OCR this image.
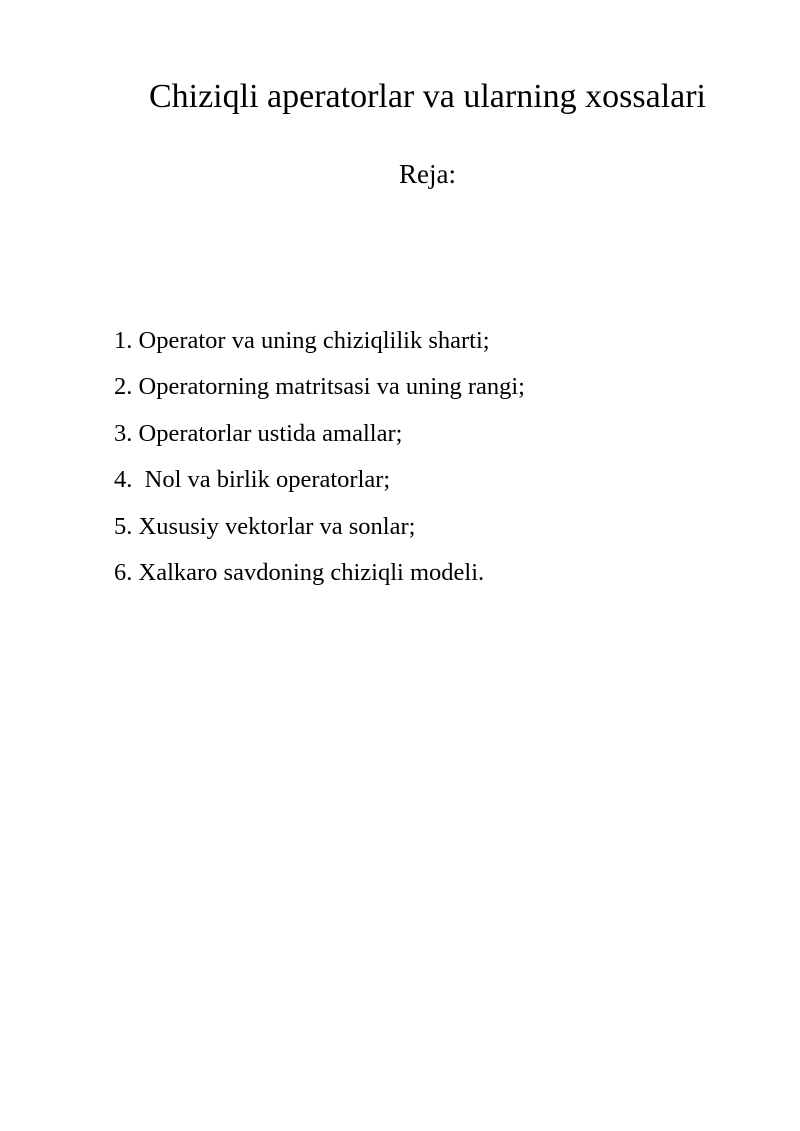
Chiziqli aperatorlar va ularning xossalari
Reja:
1. Operator va uning chiziqlilik sharti;
2. Operatorning matritsasi va uning rangi;
3. Operatorlar ustida amallar;
4.  Nol va birlik operatorlar;
5. Xususiy vektorlar va sonlar;
6. Xalkaro savdoning chiziqli modeli.
